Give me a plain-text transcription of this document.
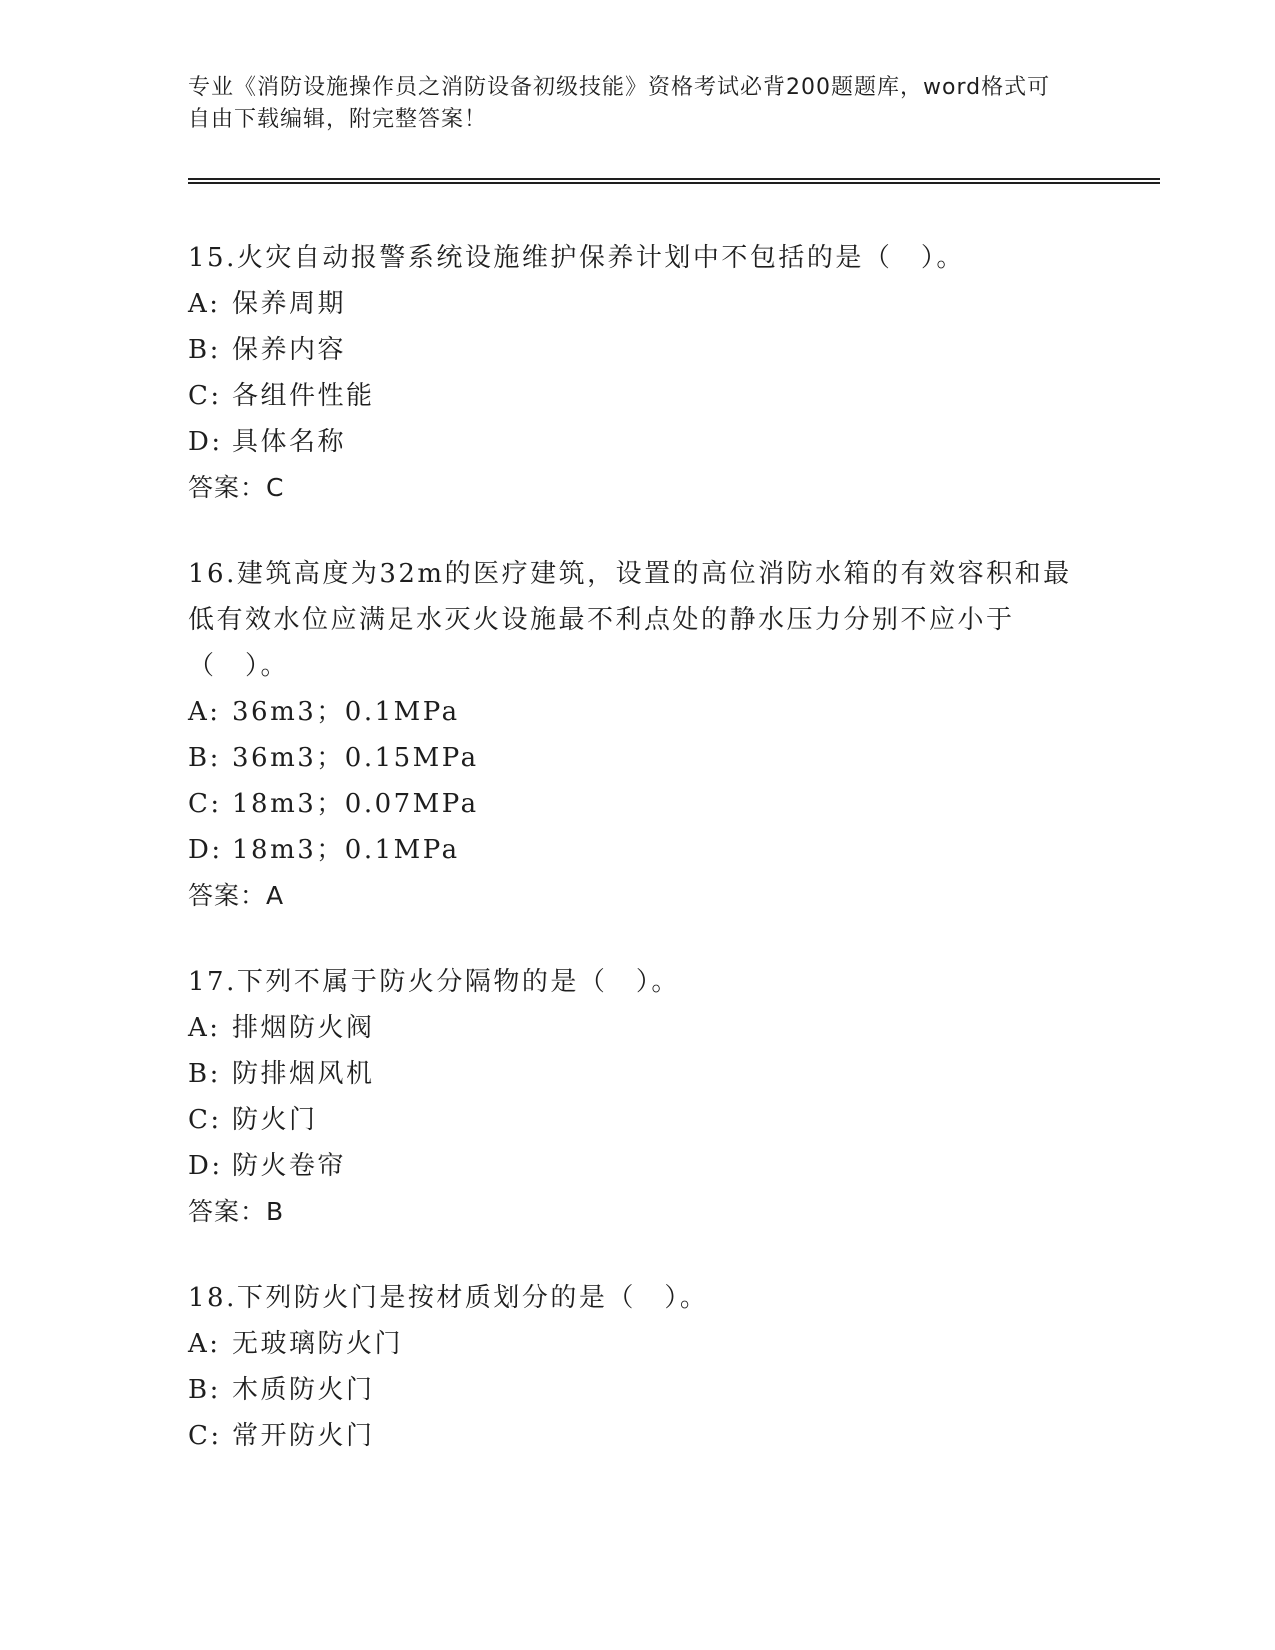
专业《消防设施操作员之消防设备初级技能》资格考试必背200题题库，word格式可自由下载编辑，附完整答案！

15.火灾自动报警系统设施维护保养计划中不包括的是（　）。

A: 保养周期
B: 保养内容
C: 各组件性能
D: 具体名称
答案：C

16.建筑高度为32m的医疗建筑，设置的高位消防水箱的有效容积和最低有效水位应满足水灭火设施最不利点处的静水压力分别不应小于（　）。

A: 36m3；0.1MPa
B: 36m3；0.15MPa
C: 18m3；0.07MPa
D: 18m3；0.1MPa
答案：A

17.下列不属于防火分隔物的是（　）。

A: 排烟防火阀
B: 防排烟风机
C: 防火门
D: 防火卷帘
答案：B

18.下列防火门是按材质划分的是（　）。

A: 无玻璃防火门
B: 木质防火门
C: 常开防火门
